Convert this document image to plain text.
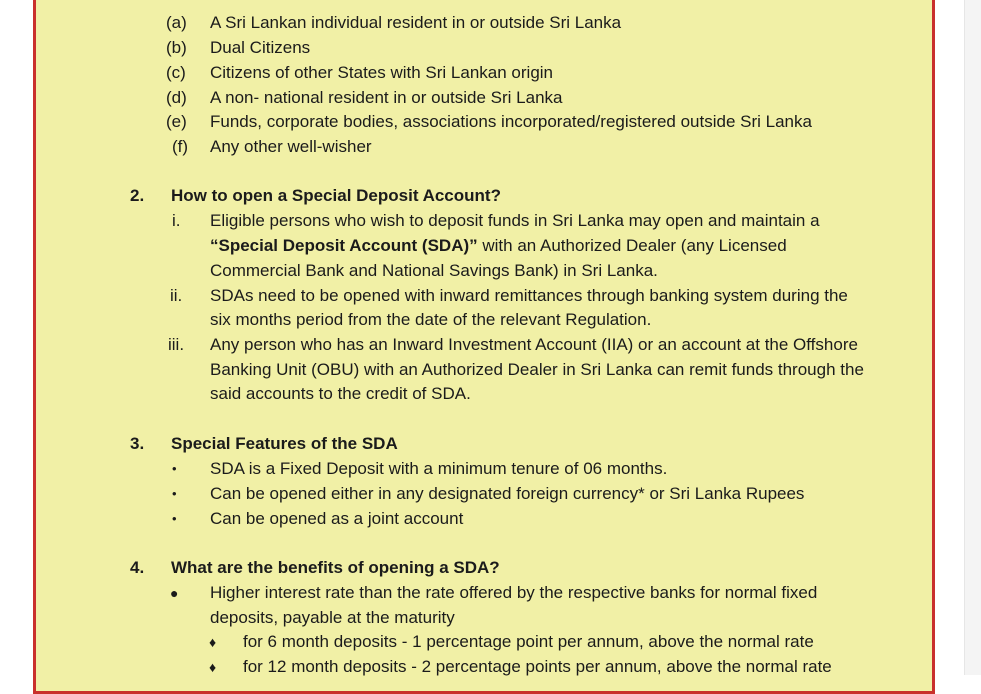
(a) A Sri Lankan individual resident in or outside Sri Lanka
(b) Dual Citizens
(c) Citizens of other States with Sri Lankan origin
(d) A non- national resident in or outside Sri Lanka
(e) Funds, corporate bodies, associations incorporated/registered outside Sri Lanka
(f) Any other well-wisher
2. How to open a Special Deposit Account?
i. Eligible persons who wish to deposit funds in Sri Lanka may open and maintain a
“Special Deposit Account (SDA)” with an Authorized Dealer (any Licensed
Commercial Bank and National Savings Bank) in Sri Lanka.
ii. SDAs need to be opened with inward remittances through banking system during the
six months period from the date of the relevant Regulation.
iii. Any person who has an Inward Investment Account (IIA) or an account at the Offshore
Banking Unit (OBU) with an Authorized Dealer in Sri Lanka can remit funds through the
said accounts to the credit of SDA.
3. Special Features of the SDA
• SDA is a Fixed Deposit with a minimum tenure of 06 months.
• Can be opened either in any designated foreign currency* or Sri Lanka Rupees
• Can be opened as a joint account
4. What are the benefits of opening a SDA?
● Higher interest rate than the rate offered by the respective banks for normal fixed
deposits, payable at the maturity
♦ for 6 month deposits - 1 percentage point per annum, above the normal rate
♦ for 12 month deposits - 2 percentage points per annum, above the normal rate
